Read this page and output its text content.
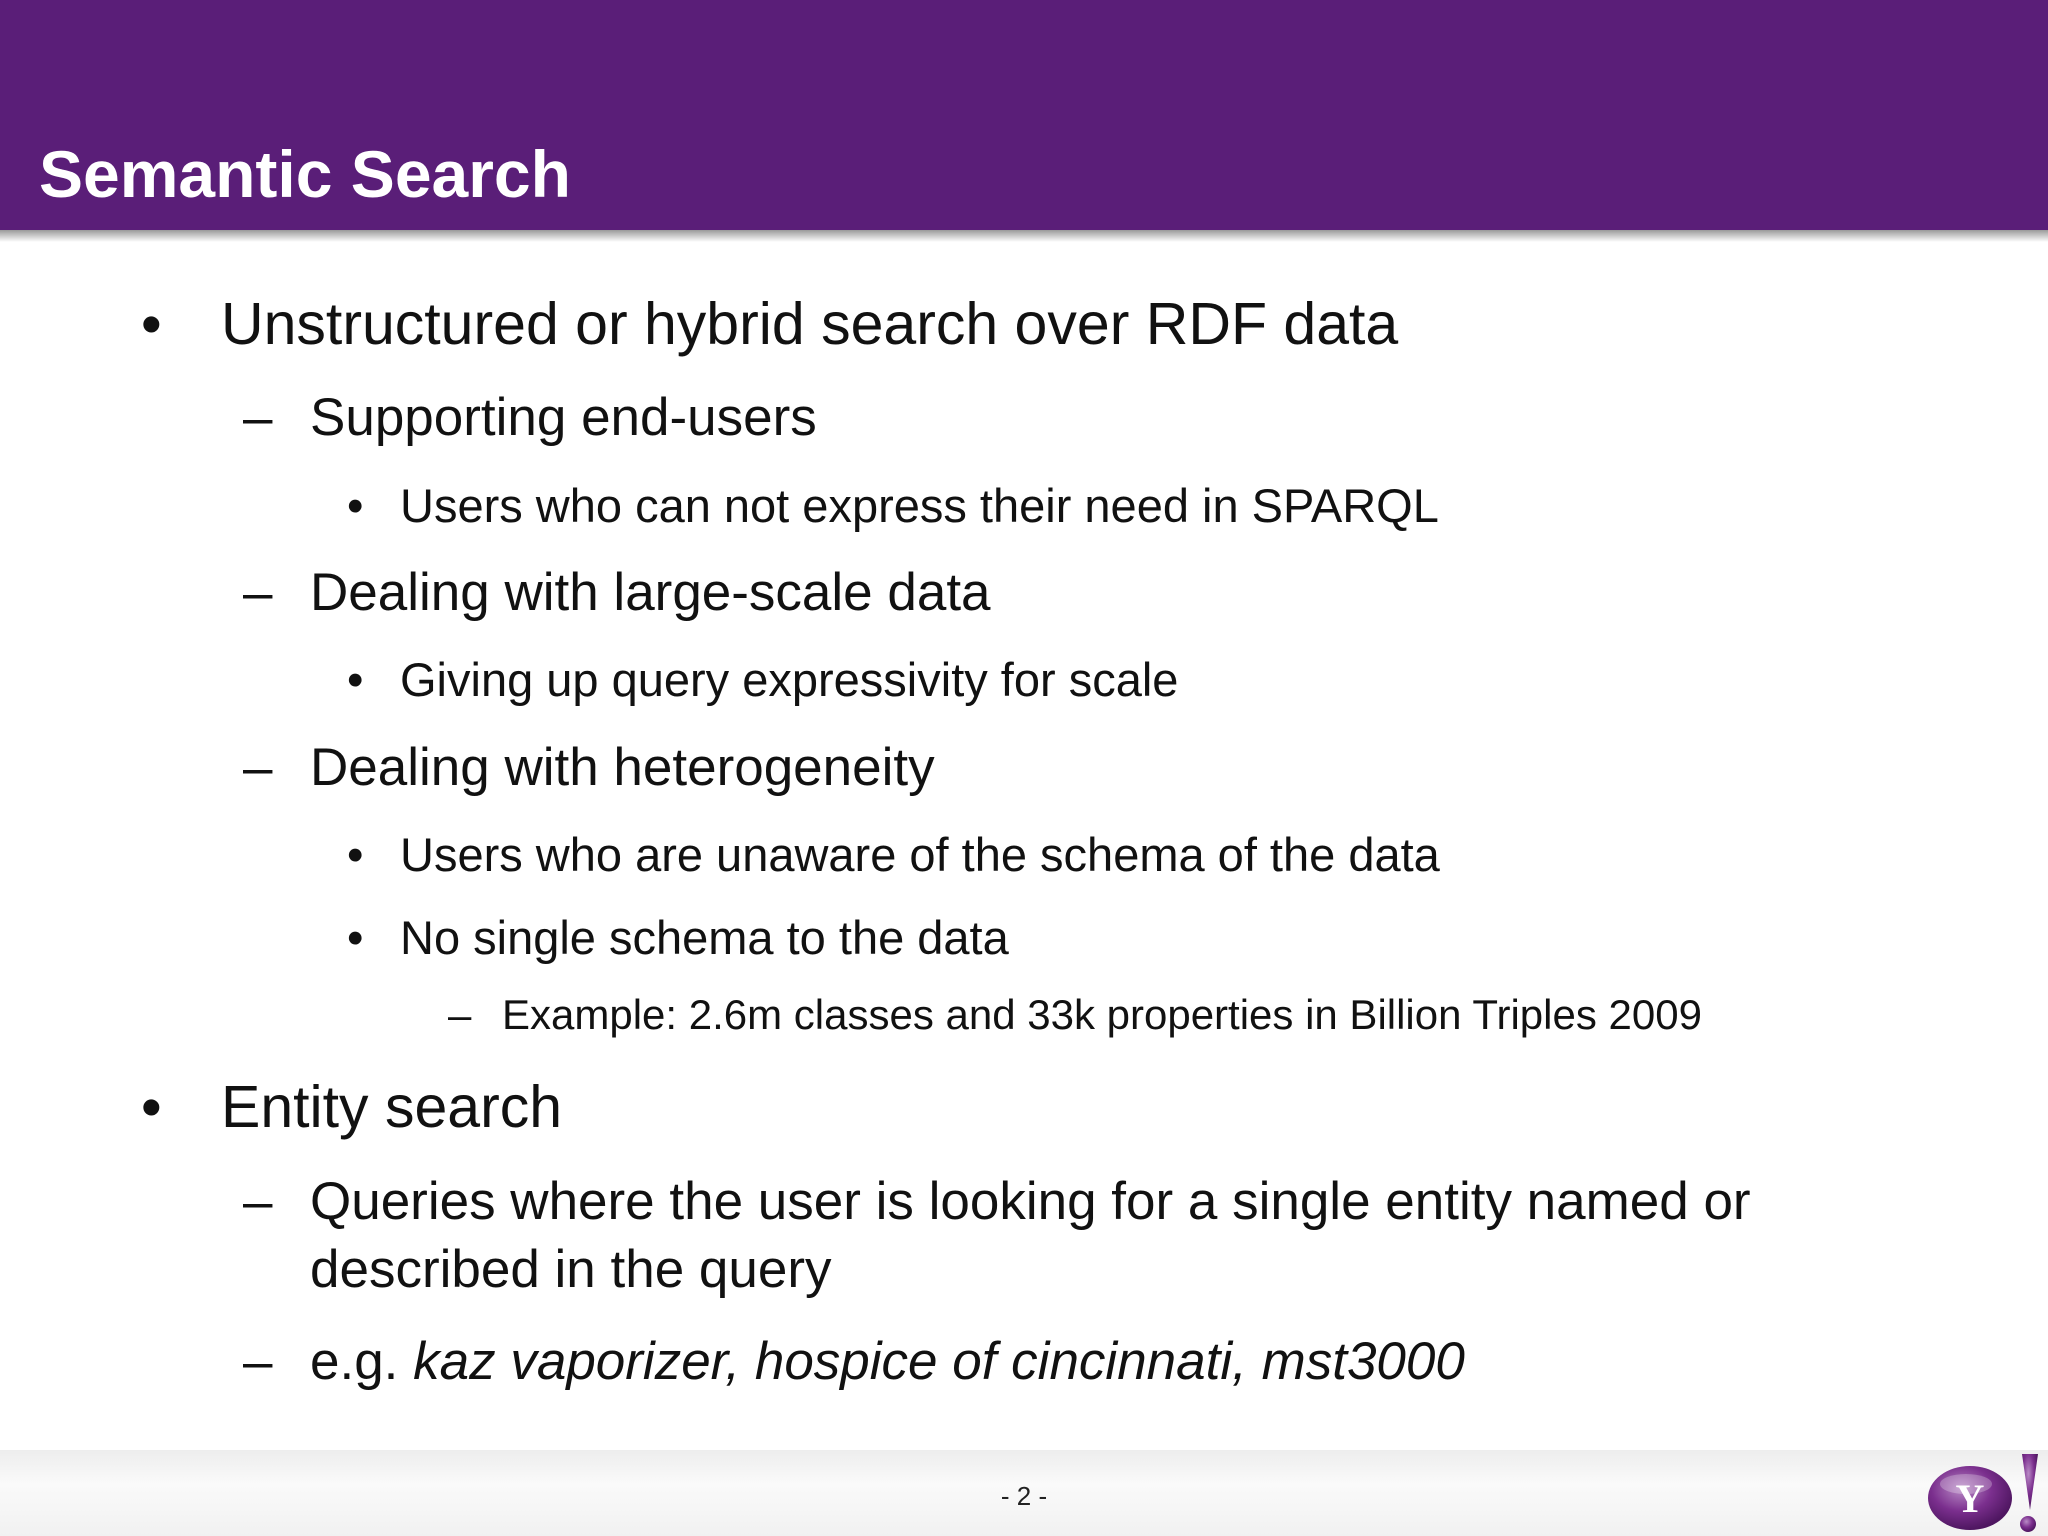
Semantic Search
• Unstructured or hybrid search over RDF data
– Supporting end-users
• Users who can not express their need in SPARQL
– Dealing with large-scale data
• Giving up query expressivity for scale
– Dealing with heterogeneity
• Users who are unaware of the schema of the data
• No single schema to the data
– Example: 2.6m classes and 33k properties in Billion Triples 2009
• Entity search
– Queries where the user is looking for a single entity named or
described in the query
– e.g. kaz vaporizer, hospice of cincinnati, mst3000
- 2 -	Y
